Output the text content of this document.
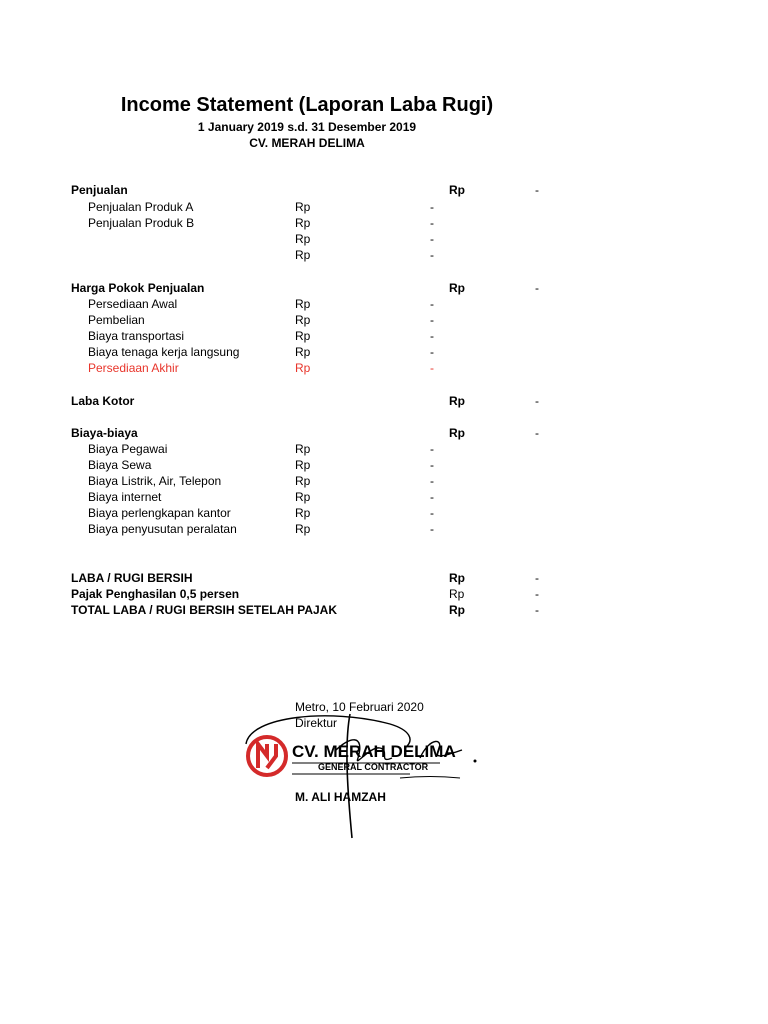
Income Statement (Laporan Laba Rugi)
1 January 2019 s.d. 31 Desember 2019
CV. MERAH DELIMA
Penjualan	Rp	-
Penjualan Produk A	Rp	-
Penjualan Produk B	Rp	-
Rp	-
Rp	-
Harga Pokok Penjualan	Rp	-
Persediaan Awal	Rp	-
Pembelian	Rp	-
Biaya transportasi	Rp	-
Biaya tenaga kerja langsung	Rp	-
Persediaan Akhir	Rp	-
Laba Kotor	Rp	-
Biaya-biaya	Rp	-
Biaya Pegawai	Rp	-
Biaya Sewa	Rp	-
Biaya Listrik, Air, Telepon	Rp	-
Biaya internet	Rp	-
Biaya perlengkapan kantor	Rp	-
Biaya penyusutan peralatan	Rp	-
LABA / RUGI BERSIH	Rp	-
Pajak Penghasilan 0,5 persen	Rp	-
TOTAL LABA / RUGI BERSIH SETELAH PAJAK	Rp	-
Metro, 10 Februari 2020
Direktur
CV. MERAH DELIMA
GENERAL CONTRACTOR
M. ALI HAMZAH
